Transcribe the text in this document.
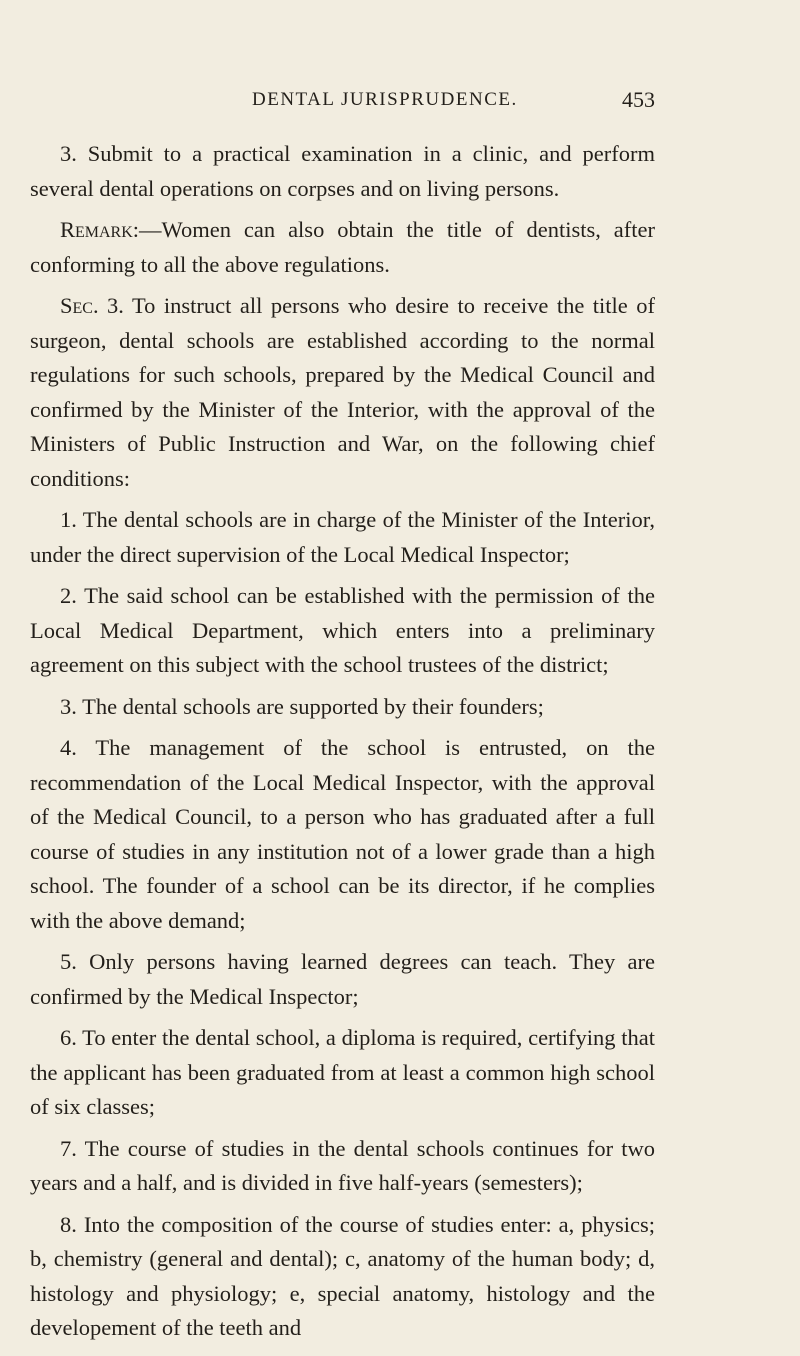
DENTAL JURISPRUDENCE.	453

3. Submit to a practical examination in a clinic, and perform several dental operations on corpses and on living persons.

Remark:—Women can also obtain the title of dentists, after conforming to all the above regulations.

Sec. 3. To instruct all persons who desire to receive the title of surgeon, dental schools are established according to the normal regulations for such schools, prepared by the Medical Council and confirmed by the Minister of the Interior, with the approval of the Ministers of Public Instruction and War, on the following chief conditions:

1. The dental schools are in charge of the Minister of the Interior, under the direct supervision of the Local Medical Inspector;

2. The said school can be established with the permission of the Local Medical Department, which enters into a preliminary agreement on this subject with the school trustees of the district;

3. The dental schools are supported by their founders;

4. The management of the school is entrusted, on the recommendation of the Local Medical Inspector, with the approval of the Medical Council, to a person who has graduated after a full course of studies in any institution not of a lower grade than a high school. The founder of a school can be its director, if he complies with the above demand;

5. Only persons having learned degrees can teach. They are confirmed by the Medical Inspector;

6. To enter the dental school, a diploma is required, certifying that the applicant has been graduated from at least a common high school of six classes;

7. The course of studies in the dental schools continues for two years and a half, and is divided in five half-years (semesters);

8. Into the composition of the course of studies enter: a, physics; b, chemistry (general and dental); c, anatomy of the human body; d, histology and physiology; e, special anatomy, histology and the developement of the teeth and
